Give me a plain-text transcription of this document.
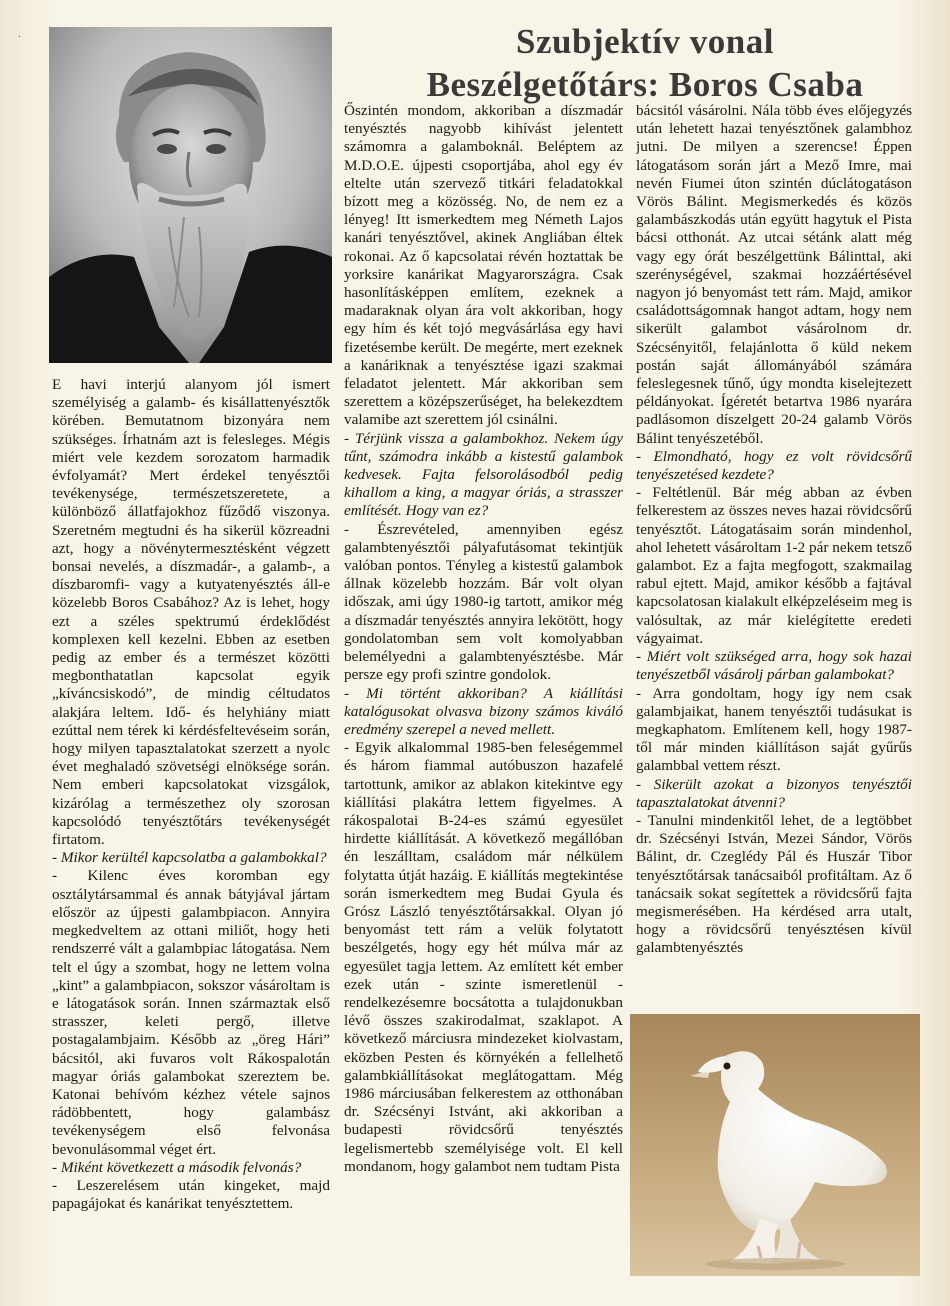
.	Szubjektív vonal
Beszélgetőtárs: Boros Csaba

E havi interjú alanyom jól ismert személyiség a galamb- és kisállattenyésztők körében. Bemutatnom bizonyára nem szükséges. Írhatnám azt is felesleges. Mégis miért vele kezdem sorozatom harmadik évfolyamát? Mert érdekel tenyésztői tevékenysége, természetszeretete, a különböző állatfajokhoz fűződő viszonya. Szeretném megtudni és ha sikerül közreadni azt, hogy a növénytermesztésként végzett bonsai nevelés, a díszmadár-, a galamb-, a díszbaromfi- vagy a kutyatenyésztés áll-e közelebb Boros Csabához? Az is lehet, hogy ezt a széles spektrumú érdeklődést komplexen kell kezelni. Ebben az esetben pedig az ember és a természet közötti megbonthatatlan kapcsolat egyik „kíváncsiskodó”, de mindig céltudatos alakjára leltem. Idő- és helyhiány miatt ezúttal nem térek ki kérdésfeltevéseim során, hogy milyen tapasztalatokat szerzett a nyolc évet meghaladó szövetségi elnöksége során. Nem emberi kapcsolatokat vizsgálok, kizárólag a természethez oly szorosan kapcsolódó tenyésztőtárs tevékenységét firtatom.

- Mikor kerültél kapcsolatba a galambokkal?

- Kilenc éves koromban egy osztálytársammal és annak bátyjával jártam először az újpesti galambpiacon. Annyira megkedveltem az ottani miliőt, hogy heti rendszerré vált a galambpiac látogatása. Nem telt el úgy a szombat, hogy ne lettem volna „kint” a galambpiacon, sokszor vásároltam is e látogatások során. Innen származtak első strasszer, keleti pergő, illetve postagalambjaim. Később az „öreg Hári” bácsitól, aki fuvaros volt Rákospalotán magyar óriás galambokat szereztem be. Katonai behívóm kézhez vétele sajnos rádöbbentett, hogy galambász tevékenységem első felvonása bevonulásommal véget ért.

- Miként következett a második felvonás?

- Leszerelésem után kingeket, majd papagájokat és kanárikat tenyésztettem.

Őszintén mondom, akkoriban a díszmadár tenyésztés nagyobb kihívást jelentett számomra a galamboknál. Beléptem az M.D.O.E. újpesti csoportjába, ahol egy év eltelte után szervező titkári feladatokkal bízott meg a közösség. No, de nem ez a lényeg! Itt ismerkedtem meg Németh Lajos kanári tenyésztővel, akinek Angliában éltek rokonai. Az ő kapcsolatai révén hoztattak be yorksire kanárikat Magyarországra. Csak hasonlításképpen említem, ezeknek a madaraknak olyan ára volt akkoriban, hogy egy hím és két tojó megvásárlása egy havi fizetésembe került. De megérte, mert ezeknek a kanáriknak a tenyésztése igazi szakmai feladatot jelentett. Már akkoriban sem szerettem a középszerűséget, ha belekezdtem valamibe azt szerettem jól csinálni.

- Térjünk vissza a galambokhoz. Nekem úgy tűnt, számodra inkább a kistestű galambok kedvesek. Fajta felsorolásodból pedig kihallom a king, a magyar óriás, a strasszer említését. Hogy van ez?

- Észrevételed, amennyiben egész galambtenyésztői pályafutásomat tekintjük valóban pontos. Tényleg a kistestű galambok állnak közelebb hozzám. Bár volt olyan időszak, ami úgy 1980-ig tartott, amikor még a díszmadár tenyésztés annyira lekötött, hogy gondolatomban sem volt komolyabban belemélyedni a galambtenyésztésbe. Már persze egy profi szintre gondolok.

- Mi történt akkoriban? A kiállítási katalógusokat olvasva bizony számos kiváló eredmény szerepel a neved mellett.

- Egyik alkalommal 1985-ben feleségemmel és három fiammal autóbuszon hazafelé tartottunk, amikor az ablakon kitekintve egy kiállítási plakátra lettem figyelmes. A rákospalotai B-24-es számú egyesület hirdette kiállítását. A következő megállóban én leszálltam, családom már nélkülem folytatta útját hazáig. E kiállítás megtekintése során ismerkedtem meg Budai Gyula és Grósz László tenyésztőtársakkal. Olyan jó benyomást tett rám a velük folytatott beszélgetés, hogy egy hét múlva már az egyesület tagja lettem. Az említett két ember ezek után - szinte ismeretlenül - rendelkezésemre bocsátotta a tulajdonukban lévő összes szakirodalmat, szaklapot. A következő márciusra mindezeket kiolvastam, eközben Pesten és környékén a fellelhető galambkiállításokat meglátogattam. Még 1986 márciusában felkerestem az otthonában dr. Szécsényi Istvánt, aki akkoriban a budapesti rövidcsőrű tenyésztés legelismertebb személyisége volt. El kell mondanom, hogy galambot nem tudtam Pista

bácsitól vásárolni. Nála több éves előjegyzés után lehetett hazai tenyésztőnek galambhoz jutni. De milyen a szerencse! Éppen látogatásom során járt a Mező Imre, mai nevén Fiumei úton szintén dúclátogatáson Vörös Bálint. Megismerkedés és közös galambászkodás után együtt hagytuk el Pista bácsi otthonát. Az utcai sétánk alatt még vagy egy órát beszélgettünk Bálinttal, aki szerénységével, szakmai hozzáértésével nagyon jó benyomást tett rám. Majd, amikor családottságomnak hangot adtam, hogy nem sikerült galambot vásárolnom dr. Szécsényitől, felajánlotta ő küld nekem postán saját állományából számára feleslegesnek tűnő, úgy mondta kiselejtezett példányokat. Ígéretét betartva 1986 nyarára padlásomon díszelgett 20-24 galamb Vörös Bálint tenyészetéből.

- Elmondható, hogy ez volt rövidcsőrű tenyészetésed kezdete?

- Feltétlenül. Bár még abban az évben felkerestem az összes neves hazai rövidcsőrű tenyésztőt. Látogatásaim során mindenhol, ahol lehetett vásároltam 1-2 pár nekem tetsző galambot. Ez a fajta megfogott, szakmailag rabul ejtett. Majd, amikor később a fajtával kapcsolatosan kialakult elképzeléseim meg is valósultak, az már kielégítette eredeti vágyaimat.

- Miért volt szükséged arra, hogy sok hazai tenyészetből vásárolj párban galambokat?

- Arra gondoltam, hogy így nem csak galambjaikat, hanem tenyésztői tudásukat is megkaphatom. Említenem kell, hogy 1987-től már minden kiállításon saját gyűrűs galambbal vettem részt.

- Sikerült azokat a bizonyos tenyésztői tapasztalatokat átvenni?

- Tanulni mindenkitől lehet, de a legtöbbet dr. Szécsényi István, Mezei Sándor, Vörös Bálint, dr. Czeglédy Pál és Huszár Tibor tenyésztőtársak tanácsaiból profitáltam. Az ő tanácsaik sokat segítettek a rövidcsőrű fajta megismerésében. Ha kérdésed arra utalt, hogy a rövidcsőrű tenyésztésen kívül galambtenyésztés
